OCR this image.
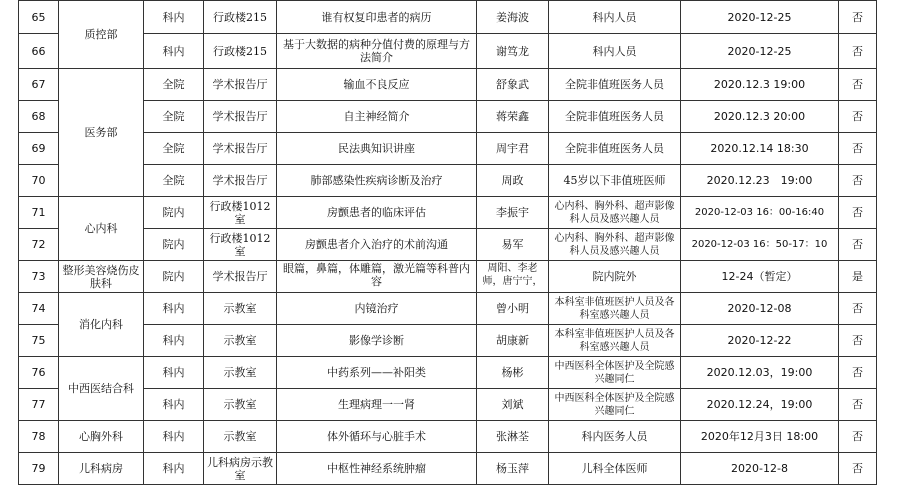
65	质控部	科内	行政楼215	谁有权复印患者的病历	姜海波	科内人员	2020-12-25	否
66		科内	行政楼215	基于大数据的病种分值付费的原理与方法简介	谢笃龙	科内人员	2020-12-25	否
67	医务部	全院	学术报告厅	输血不良反应	舒象武	全院非值班医务人员	2020.12.3 19:00	否
68		全院	学术报告厅	自主神经简介	蒋荣鑫	全院非值班医务人员	2020.12.3 20:00	否
69		全院	学术报告厅	民法典知识讲座	周宇君	全院非值班医务人员	2020.12.14 18:30	否
70		全院	学术报告厅	肺部感染性疾病诊断及治疗	周政	45岁以下非值班医师	2020.12.23　19:00	否
71	心内科	院内	行政楼1012室	房颤患者的临床评估	李振宇	心内科、胸外科、超声影像科人员及感兴趣人员	2020-12-03 16：00-16:40	否
72		院内	行政楼1012室	房颤患者介入治疗的术前沟通	易军	心内科、胸外科、超声影像科人员及感兴趣人员	2020-12-03 16：50-17：10	否
73	整形美容烧伤皮肤科	院内	学术报告厅	眼篇，鼻篇，体雕篇，激光篇等科普内容	周阳、李老师，唐宁宁，	院内院外	12-24（暂定）	是
74	消化内科	科内	示教室	内镜治疗	曾小明	本科室非值班医护人员及各科室感兴趣人员	2020-12-08	否
75		科内	示教室	影像学诊断	胡康新	本科室非值班医护人员及各科室感兴趣人员	2020-12-22	否
76	中西医结合科	科内	示教室	中药系列——补阳类	杨彬	中西医科全体医护及全院感兴趣同仁	2020.12.03，19:00	否
77		科内	示教室	生理病理一一肾	刘斌	中西医科全体医护及全院感兴趣同仁	2020.12.24，19:00	否
78	心胸外科	科内	示教室	体外循环与心脏手术	张淋荃	科内医务人员	2020年12月3日 18:00	否
79	儿科病房	科内	儿科病房示教室	中枢性神经系统肿瘤	杨玉萍	儿科全体医师	2020-12-8	否
